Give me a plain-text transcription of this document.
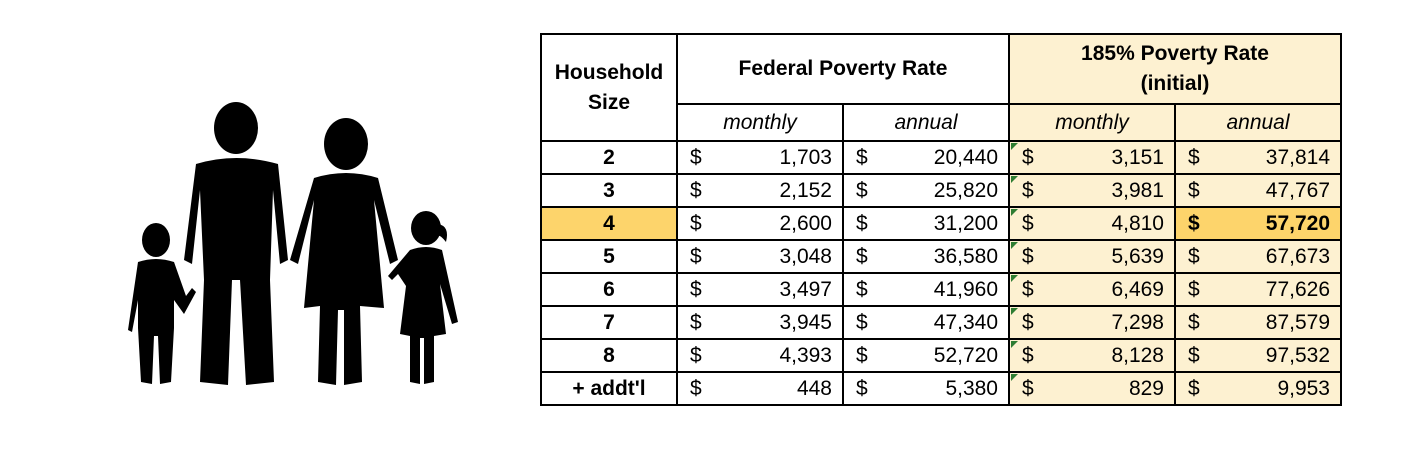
Household Size	Federal Poverty Rate		185% Poverty Rate
(initial)	

	monthly	annual	monthly	annual
2	$ 1,703	$ 20,440	$ 3,151	$ 37,814

3	$ 2,152	$ 25,820	$ 3,981	$ 47,767

4	$ 2,600	$ 31,200	$ 4,810	$ 57,720

5	$ 3,048	$ 36,580	$ 5,639	$ 67,673

6	$ 3,497	$ 41,960	$ 6,469	$ 77,626

7	$ 3,945	$ 47,340	$ 7,298	$ 87,579

8	$ 4,393	$ 52,720	$ 8,128	$ 97,532

+ addt'l	$ 448	$ 5,380	$ 829	$ 9,953
